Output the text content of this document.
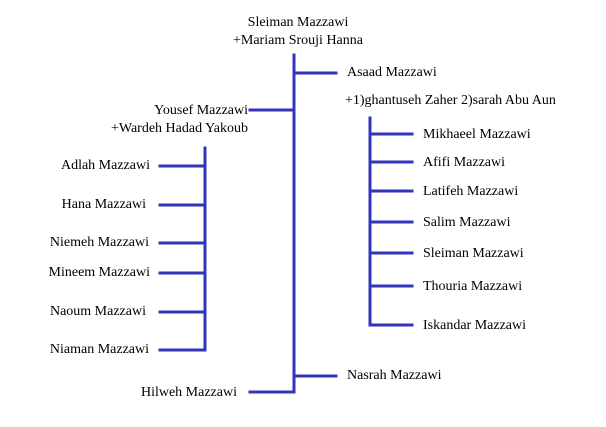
Sleiman Mazzawi
+Mariam Srouji Hanna
Yousef Mazzawi
+Wardeh Hadad Yakoub
Adlah Mazzawi
Hana Mazzawi
Niemeh Mazzawi
Mineem Mazzawi
Naoum Mazzawi
Niaman Mazzawi
Asaad Mazzawi
+1)ghantuseh Zaher 2)sarah Abu Aun
Mikhaeel Mazzawi
Afifi Mazzawi
Latifeh Mazzawi
Salim Mazzawi
Sleiman Mazzawi
Thouria Mazzawi
Iskandar Mazzawi
Hilweh Mazzawi
Nasrah Mazzawi
